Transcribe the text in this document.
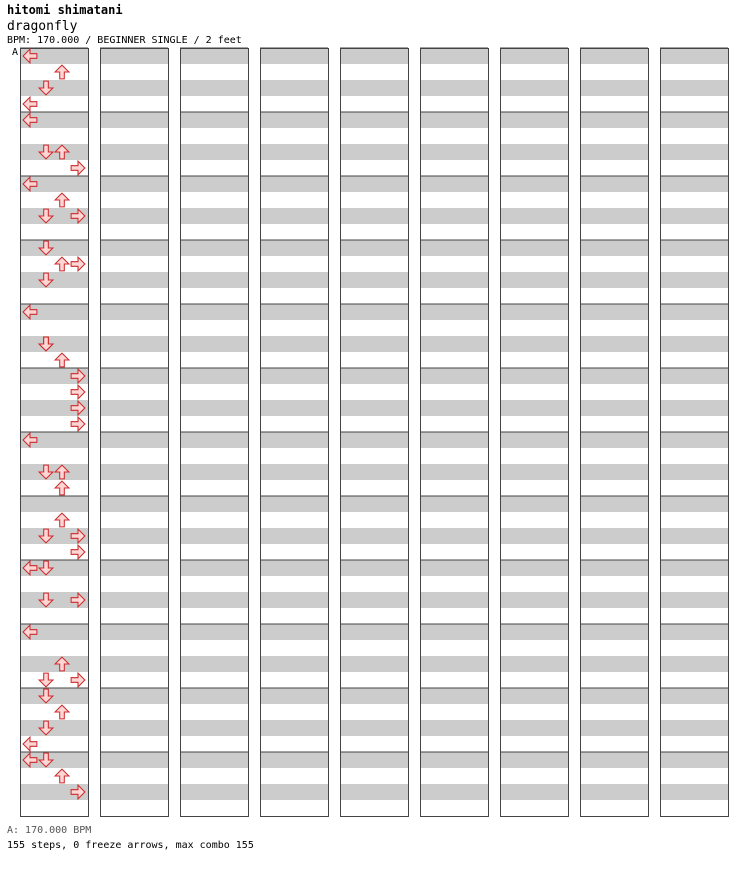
hitomi shimatani
dragonfly
BPM: 170.000 / BEGINNER SINGLE / 2 feet
A
A: 170.000 BPM
155 steps, 0 freeze arrows, max combo 155
